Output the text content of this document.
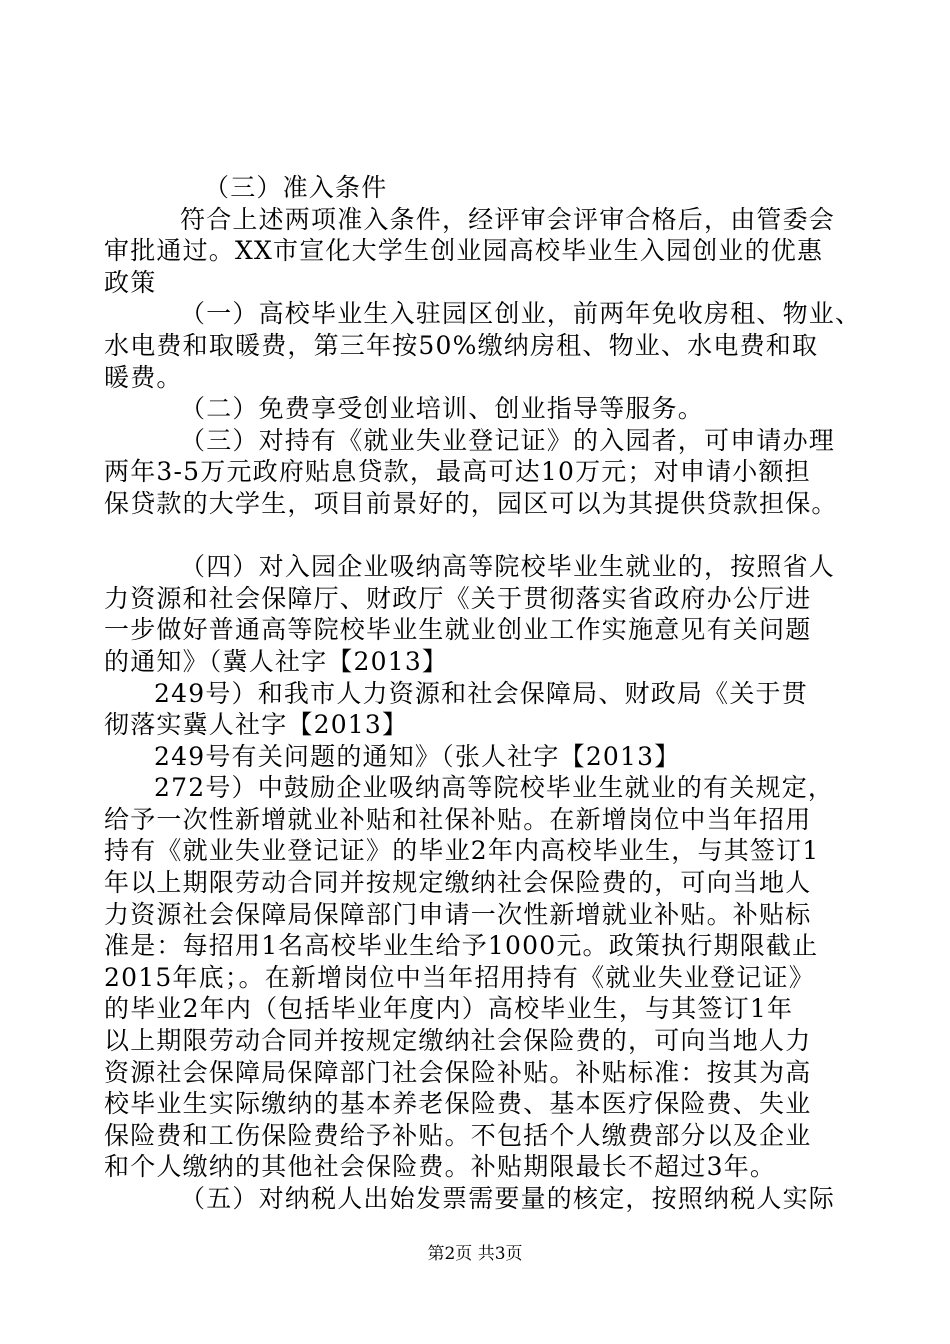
（三）准入条件
符合上述两项准入条件，经评审会评审合格后，由管委会
审批通过。XX市宣化大学生创业园高校毕业生入园创业的优惠
政策
（一）高校毕业生入驻园区创业，前两年免收房租、物业、
水电费和取暖费，第三年按50%缴纳房租、物业、水电费和取
暖费。
（二）免费享受创业培训、创业指导等服务。
（三）对持有《就业失业登记证》的入园者，可申请办理
两年3-5万元政府贴息贷款，最高可达10万元；对申请小额担
保贷款的大学生，项目前景好的，园区可以为其提供贷款担保。
（四）对入园企业吸纳高等院校毕业生就业的，按照省人
力资源和社会保障厅、财政厅《关于贯彻落实省政府办公厅进
一步做好普通高等院校毕业生就业创业工作实施意见有关问题
的通知》（冀人社字【2013】
249号）和我市人力资源和社会保障局、财政局《关于贯
彻落实冀人社字【2013】
249号有关问题的通知》（张人社字【2013】
272号）中鼓励企业吸纳高等院校毕业生就业的有关规定，
给予一次性新增就业补贴和社保补贴。在新增岗位中当年招用
持有《就业失业登记证》的毕业2年内高校毕业生，与其签订1
年以上期限劳动合同并按规定缴纳社会保险费的，可向当地人
力资源社会保障局保障部门申请一次性新增就业补贴。补贴标
准是：每招用1名高校毕业生给予1000元。政策执行期限截止
2015年底；。在新增岗位中当年招用持有《就业失业登记证》
的毕业2年内（包括毕业年度内）高校毕业生，与其签订1年
以上期限劳动合同并按规定缴纳社会保险费的，可向当地人力
资源社会保障局保障部门社会保险补贴。补贴标准：按其为高
校毕业生实际缴纳的基本养老保险费、基本医疗保险费、失业
保险费和工伤保险费给予补贴。不包括个人缴费部分以及企业
和个人缴纳的其他社会保险费。补贴期限最长不超过3年。
（五）对纳税人出始发票需要量的核定，按照纳税人实际
第2页 共3页
